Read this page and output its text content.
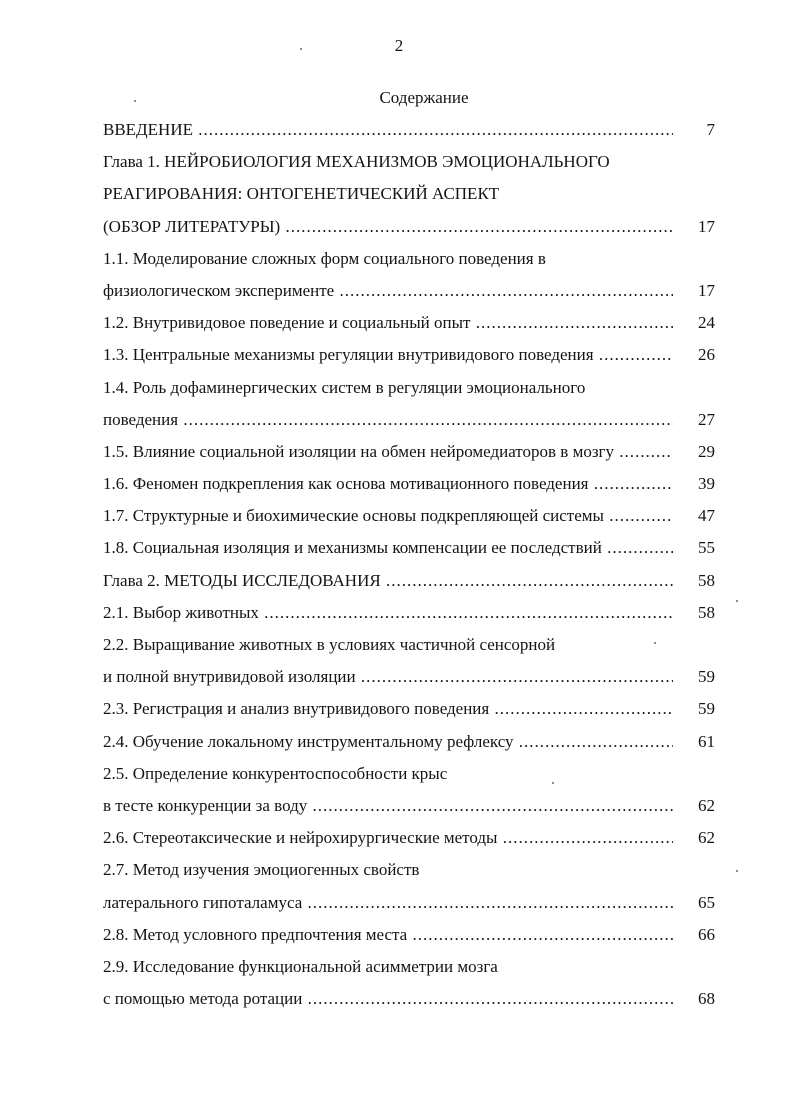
2
Содержание
ВВЕДЕНИЕ .....	7
Глава 1. НЕЙРОБИОЛОГИЯ МЕХАНИЗМОВ ЭМОЦИОНАЛЬНОГО
РЕАГИРОВАНИЯ: ОНТОГЕНЕТИЧЕСКИЙ АСПЕКТ
(ОБЗОР ЛИТЕРАТУРЫ) .....	17
1.1. Моделирование сложных форм социального поведения в
физиологическом эксперименте .....	17
1.2. Внутривидовое поведение и социальный опыт .....	24
1.3. Центральные механизмы регуляции внутривидового поведения .....	26
1.4. Роль дофаминергических систем в регуляции эмоционального
поведения .....	27
1.5. Влияние социальной изоляции на обмен нейромедиаторов в мозгу .....	29
1.6. Феномен подкрепления как основа мотивационного поведения .....	39
1.7. Структурные и биохимические основы подкрепляющей системы .....	47
1.8. Социальная изоляция и механизмы компенсации ее последствий .....	55
Глава 2. МЕТОДЫ ИССЛЕДОВАНИЯ .....	58
2.1. Выбор животных .....	58
2.2. Выращивание животных в условиях частичной сенсорной
и полной внутривидовой изоляции .....	59
2.3. Регистрация и анализ внутривидового поведения .....	59
2.4. Обучение локальному инструментальному рефлексу .....	61
2.5. Определение конкурентоспособности крыс
в тесте конкуренции за воду .....	62
2.6. Стереотаксические и нейрохирургические методы .....	62
2.7. Метод изучения эмоциогенных свойств
латерального гипоталамуса .....	65
2.8. Метод условного предпочтения места .....	66
2.9. Исследование функциональной асимметрии мозга
с помощью метода ротации .....	68
